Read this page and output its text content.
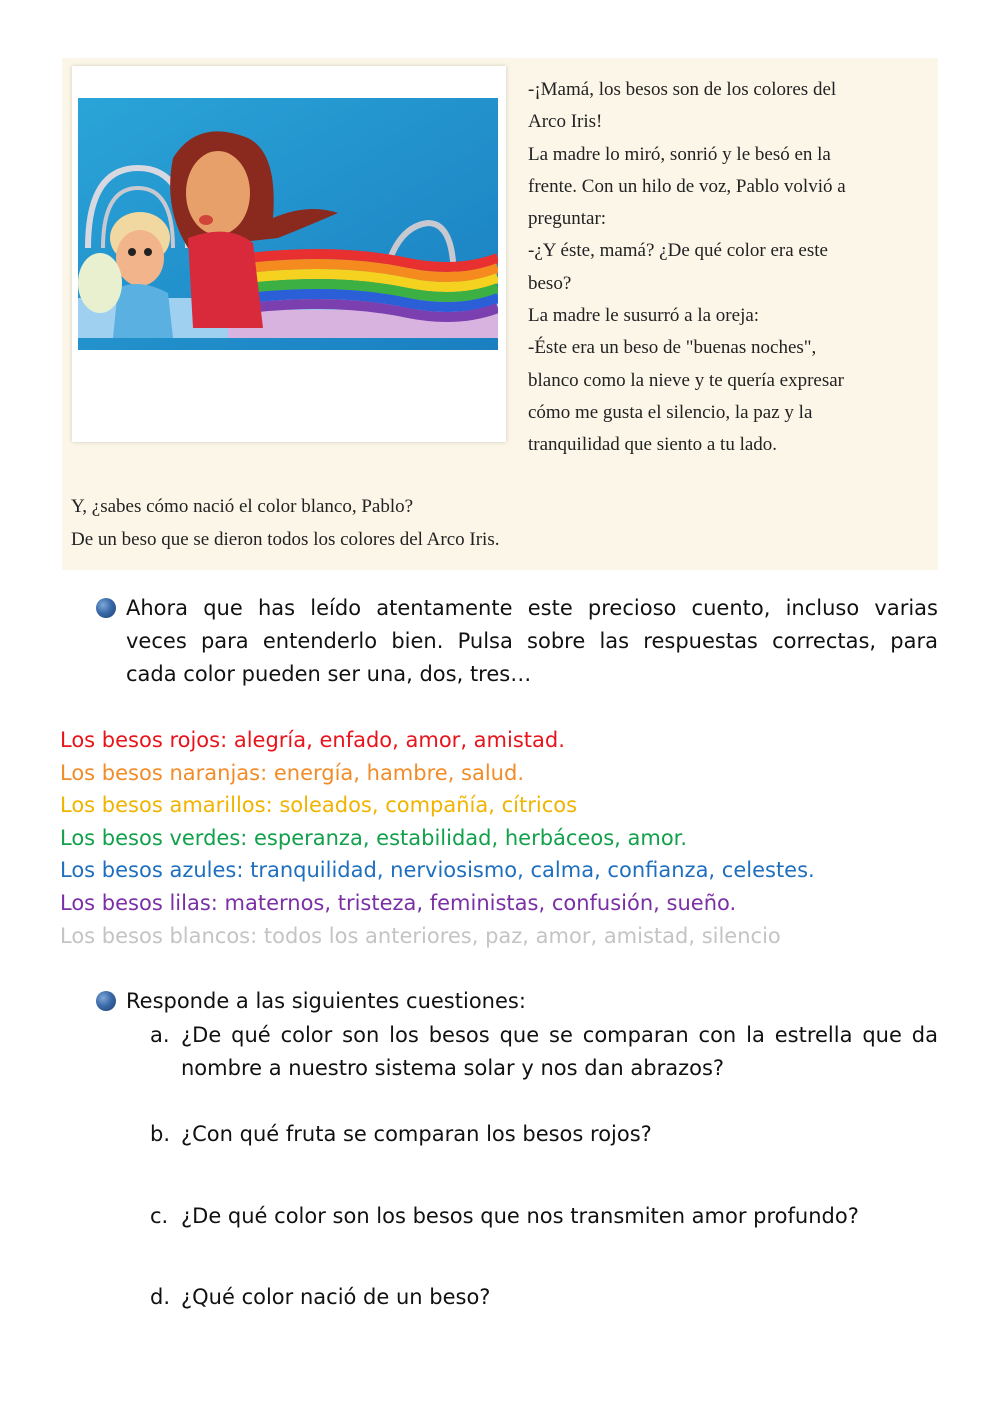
-¡Mamá, los besos son de los colores del
Arco Iris!
La madre lo miró, sonrió y le besó en la
frente. Con un hilo de voz, Pablo volvió a
preguntar:
-¿Y éste, mamá? ¿De qué color era este
beso?
La madre le susurró a la oreja:
-Éste era un beso de "buenas noches",
blanco como la nieve y te quería expresar
cómo me gusta el silencio, la paz y la
tranquilidad que siento a tu lado.
Y, ¿sabes cómo nació el color blanco, Pablo?
De un beso que se dieron todos los colores del Arco Iris.
Ahora que has leído atentamente este precioso cuento, incluso varias
veces para entenderlo bien. Pulsa sobre las respuestas correctas, para
cada color pueden ser una, dos, tres…
Los besos rojos: alegría, enfado, amor, amistad.
Los besos naranjas: energía, hambre, salud.
Los besos amarillos: soleados, compañía, cítricos
Los besos verdes: esperanza, estabilidad, herbáceos, amor.
Los besos azules: tranquilidad, nerviosismo, calma, confianza, celestes.
Los besos lilas: maternos, tristeza, feministas, confusión, sueño.
Los besos blancos: todos los anteriores, paz, amor, amistad, silencio
Responde a las siguientes cuestiones:
a. ¿De qué color son los besos que se comparan con la estrella que da
nombre a nuestro sistema solar y nos dan abrazos?
b. ¿Con qué fruta se comparan los besos rojos?
c. ¿De qué color son los besos que nos transmiten amor profundo?
d. ¿Qué color nació de un beso?
